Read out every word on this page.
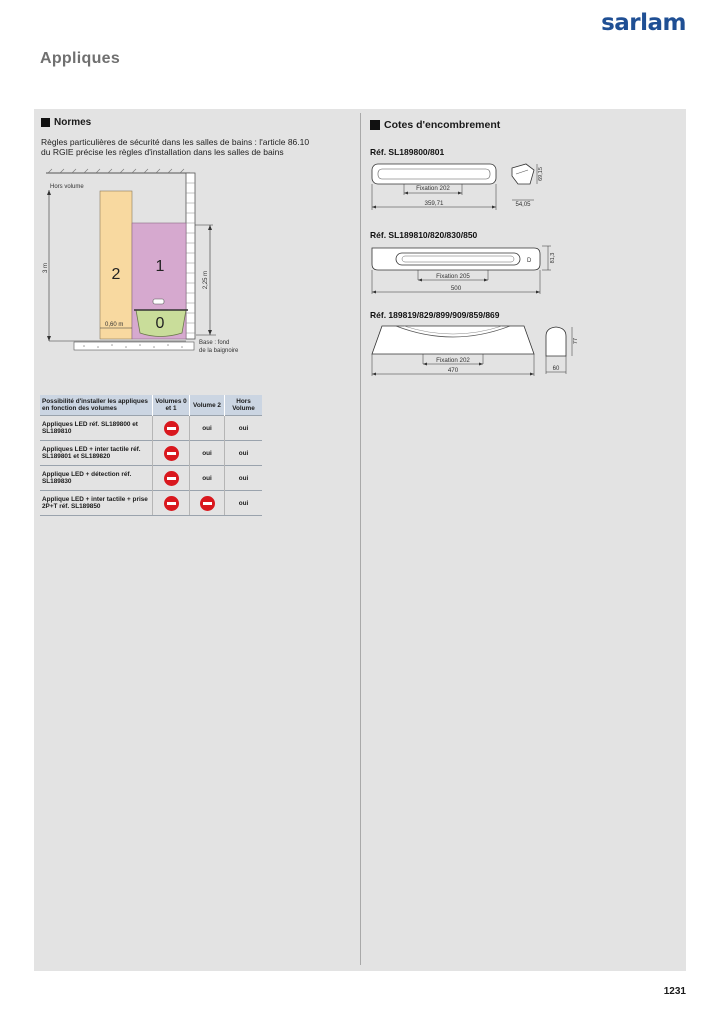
sarlam
Appliques
Normes
Règles particulières de sécurité dans les salles de bains : l'article 86.10 du RGIE précise les règles d'installation dans les salles de bains
Hors volume
2 1
0
3 m
2,25 m
0,60 m
Base : fond
de la baignoire
Possibilité d'installer les appliques en fonction des volumes	Volumes 0 et 1	Volume 2	Hors Volume
Appliques LED réf. SL189800 et SL189810		oui	oui
Appliques LED + inter tactile réf. SL189801 et SL189820		oui	oui
Applique LED + détection réf. SL189830		oui	oui
Applique LED + inter tactile + prise 2P+T réf. SL189850			oui
Cotes d'encombrement
Réf. SL189800/801
Fixation 202
359,71
69,15
54,05
Réf. SL189810/820/830/850
D
Fixation 205
500
81,3
Réf. 189819/829/899/909/859/869
Fixation 202
470
77
60
1231
